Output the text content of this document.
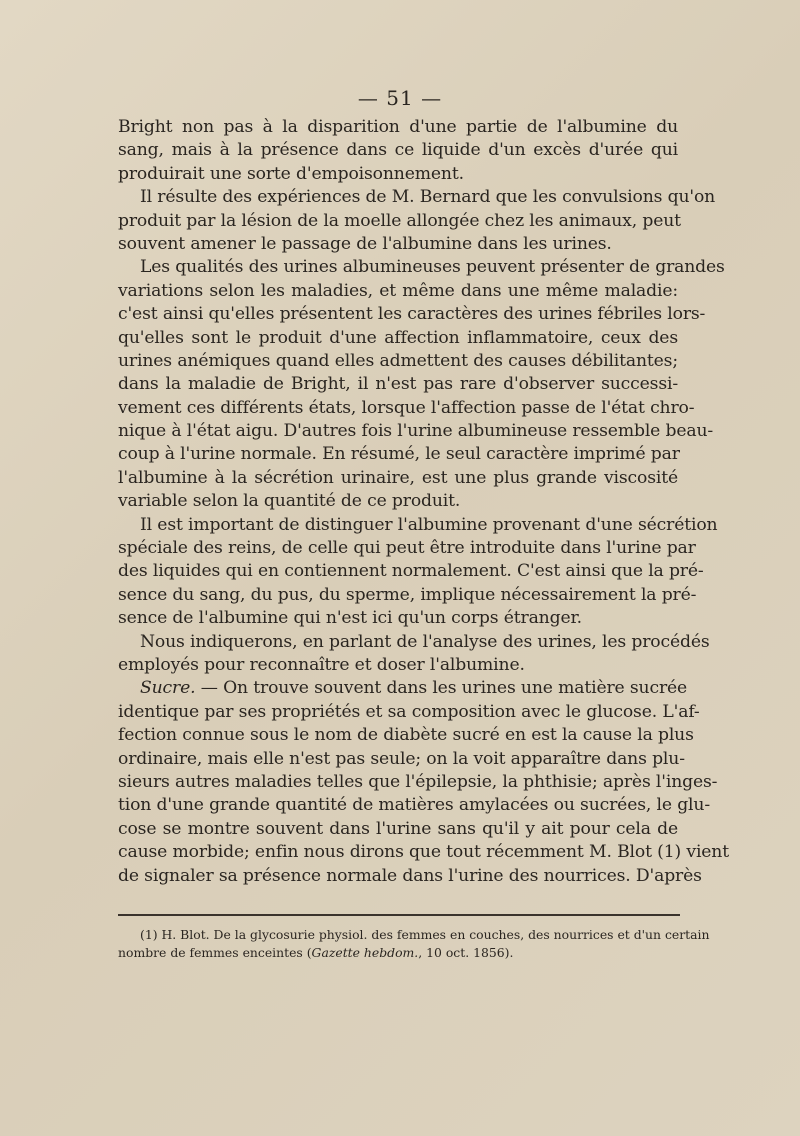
— 51 —
Bright non pas à la disparition d'une partie de l'albumine du
sang, mais à la présence dans ce liquide d'un excès d'urée qui
produirait une sorte d'empoisonnement.
Il résulte des expériences de M. Bernard que les convulsions qu'on
produit par la lésion de la moelle allongée chez les animaux, peut
souvent amener le passage de l'albumine dans les urines.
Les qualités des urines albumineuses peuvent présenter de grandes
variations selon les maladies, et même dans une même maladie:
c'est ainsi qu'elles présentent les caractères des urines fébriles lors-
qu'elles sont le produit d'une affection inflammatoire, ceux des
urines anémiques quand elles admettent des causes débilitantes;
dans la maladie de Bright, il n'est pas rare d'observer successi-
vement ces différents états, lorsque l'affection passe de l'état chro-
nique à l'état aigu. D'autres fois l'urine albumineuse ressemble beau-
coup à l'urine normale. En résumé, le seul caractère imprimé par
l'albumine à la sécrétion urinaire, est une plus grande viscosité
variable selon la quantité de ce produit.
Il est important de distinguer l'albumine provenant d'une sécrétion
spéciale des reins, de celle qui peut être introduite dans l'urine par
des liquides qui en contiennent normalement. C'est ainsi que la pré-
sence du sang, du pus, du sperme, implique nécessairement la pré-
sence de l'albumine qui n'est ici qu'un corps étranger.
Nous indiquerons, en parlant de l'analyse des urines, les procédés
employés pour reconnaître et doser l'albumine.
Sucre. — On trouve souvent dans les urines une matière sucrée
identique par ses propriétés et sa composition avec le glucose. L'af-
fection connue sous le nom de diabète sucré en est la cause la plus
ordinaire, mais elle n'est pas seule; on la voit apparaître dans plu-
sieurs autres maladies telles que l'épilepsie, la phthisie; après l'inges-
tion d'une grande quantité de matières amylacées ou sucrées, le glu-
cose se montre souvent dans l'urine sans qu'il y ait pour cela de
cause morbide; enfin nous dirons que tout récemment M. Blot (1) vient
de signaler sa présence normale dans l'urine des nourrices. D'après
(1) H. Blot. De la glycosurie physiol. des femmes en couches, des nourrices et d'un certain
nombre de femmes enceintes (Gazette hebdom., 10 oct. 1856).
